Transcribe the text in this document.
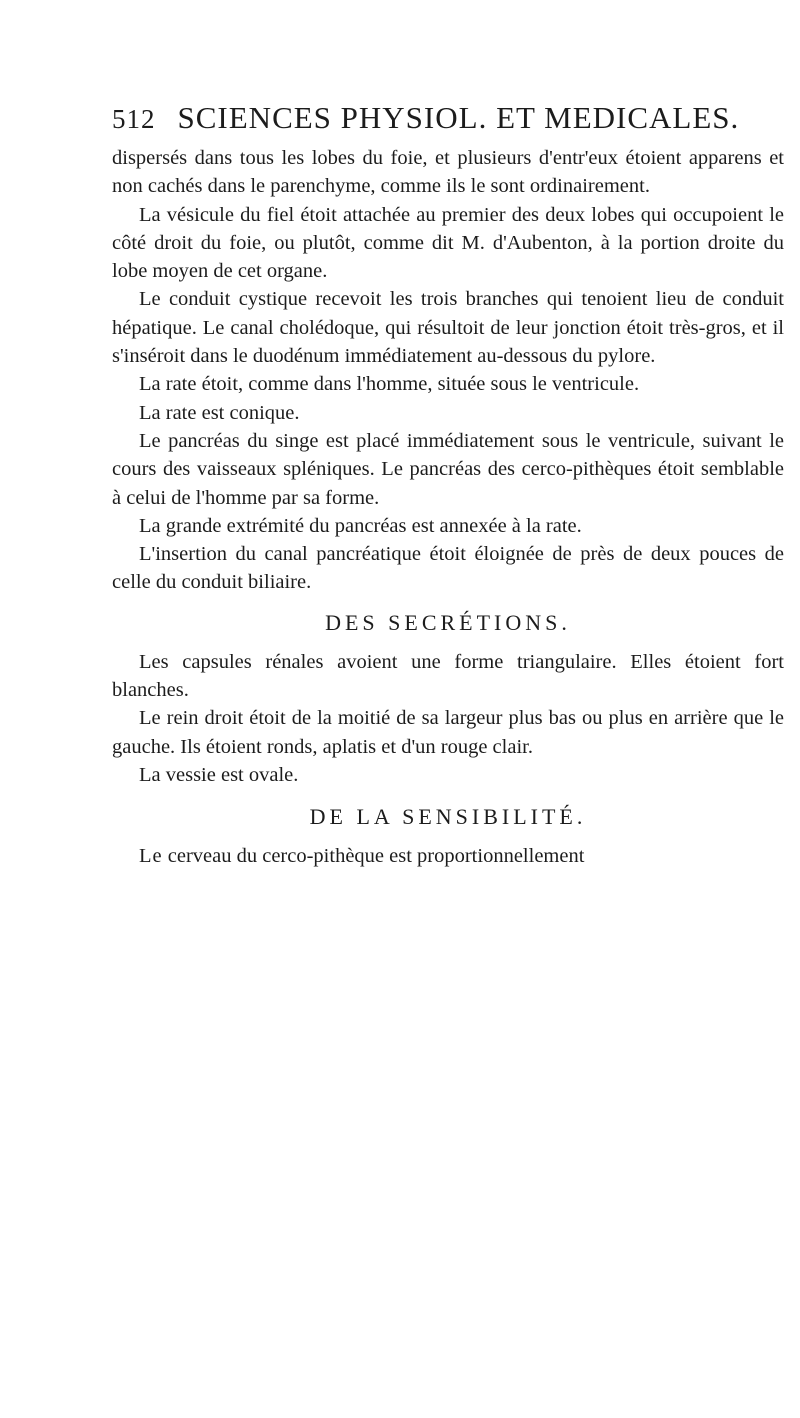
512 SCIENCES PHYSIOL. ET MEDICALES.

dispersés dans tous les lobes du foie, et plusieurs d'entr'eux étoient apparens et non cachés dans le parenchyme, comme ils le sont ordinairement.

La vésicule du fiel étoit attachée au premier des deux lobes qui occupoient le côté droit du foie, ou plutôt, comme dit M. d'Aubenton, à la portion droite du lobe moyen de cet organe.

Le conduit cystique recevoit les trois branches qui tenoient lieu de conduit hépatique. Le canal cholédoque, qui résultoit de leur jonction étoit très-gros, et il s'inséroit dans le duodénum immédiatement au-dessous du pylore.

La rate étoit, comme dans l'homme, située sous le ventricule.

La rate est conique.

Le pancréas du singe est placé immédiatement sous le ventricule, suivant le cours des vaisseaux spléniques. Le pancréas des cerco-pithèques étoit semblable à celui de l'homme par sa forme.

La grande extrémité du pancréas est annexée à la rate.

L'insertion du canal pancréatique étoit éloignée de près de deux pouces de celle du conduit biliaire.

DES SECRÉTIONS.

Les capsules rénales avoient une forme triangulaire. Elles étoient fort blanches.

Le rein droit étoit de la moitié de sa largeur plus bas ou plus en arrière que le gauche. Ils étoient ronds, aplatis et d'un rouge clair.

La vessie est ovale.

DE LA SENSIBILITÉ.

Le cerveau du cerco-pithèque est proportionnellement
